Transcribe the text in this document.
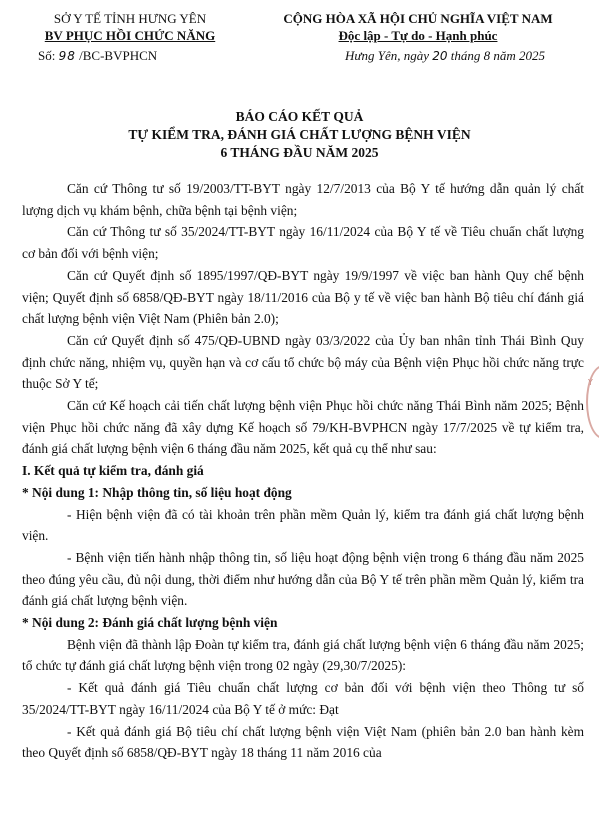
SỞ Y TẾ TỈNH HƯNG YÊN
BV PHỤC HỒI CHỨC NĂNG
CỘNG HÒA XÃ HỘI CHỦ NGHĨA VIỆT NAM
Độc lập - Tự do - Hạnh phúc
Số: 98 /BC-BVPHCN	Hưng Yên, ngày 20 tháng 8 năm 2025
BÁO CÁO KẾT QUẢ
TỰ KIỂM TRA, ĐÁNH GIÁ CHẤT LƯỢNG BỆNH VIỆN
6 THÁNG ĐẦU NĂM 2025

Căn cứ Thông tư số 19/2003/TT-BYT ngày 12/7/2013 của Bộ Y tế hướng dẫn quản lý chất lượng dịch vụ khám bệnh, chữa bệnh tại bệnh viện;

Căn cứ Thông tư số 35/2024/TT-BYT ngày 16/11/2024 của Bộ Y tế về Tiêu chuẩn chất lượng cơ bản đối với bệnh viện;

Căn cứ Quyết định số 1895/1997/QĐ-BYT ngày 19/9/1997 về việc ban hành Quy chế bệnh viện; Quyết định số 6858/QĐ-BYT ngày 18/11/2016 của Bộ y tế về việc ban hành Bộ tiêu chí đánh giá chất lượng bệnh viện Việt Nam (Phiên bản 2.0);

Căn cứ Quyết định số 475/QĐ-UBND ngày 03/3/2022 của Ủy ban nhân tỉnh Thái Bình Quy định chức năng, nhiệm vụ, quyền hạn và cơ cấu tổ chức bộ máy của Bệnh viện Phục hồi chức năng trực thuộc Sở Y tế;

Căn cứ Kế hoạch cải tiến chất lượng bệnh viện Phục hồi chức năng Thái Bình năm 2025; Bệnh viện Phục hồi chức năng đã xây dựng Kế hoạch số 79/KH-BVPHCN ngày 17/7/2025 về tự kiểm tra, đánh giá chất lượng bệnh viện 6 tháng đầu năm 2025, kết quả cụ thể như sau:

I. Kết quả tự kiểm tra, đánh giá

* Nội dung 1: Nhập thông tin, số liệu hoạt động

- Hiện bệnh viện đã có tài khoản trên phần mềm Quản lý, kiểm tra đánh giá chất lượng bệnh viện.

- Bệnh viện tiến hành nhập thông tin, số liệu hoạt động bệnh viện trong 6 tháng đầu năm 2025 theo đúng yêu cầu, đủ nội dung, thời điểm như hướng dẫn của Bộ Y tế trên phần mềm Quản lý, kiểm tra đánh giá chất lượng bệnh viện.

* Nội dung 2: Đánh giá chất lượng bệnh viện

Bệnh viện đã thành lập Đoàn tự kiểm tra, đánh giá chất lượng bệnh viện 6 tháng đầu năm 2025; tổ chức tự đánh giá chất lượng bệnh viện trong 02 ngày (29,30/7/2025):

- Kết quả đánh giá Tiêu chuẩn chất lượng cơ bản đối với bệnh viện theo Thông tư số 35/2024/TT-BYT ngày 16/11/2024 của Bộ Y tế ở mức: Đạt

- Kết quả đánh giá Bộ tiêu chí chất lượng bệnh viện Việt Nam (phiên bản 2.0 ban hành kèm theo Quyết định số 6858/QĐ-BYT ngày 18 tháng 11 năm 2016 của

Y
